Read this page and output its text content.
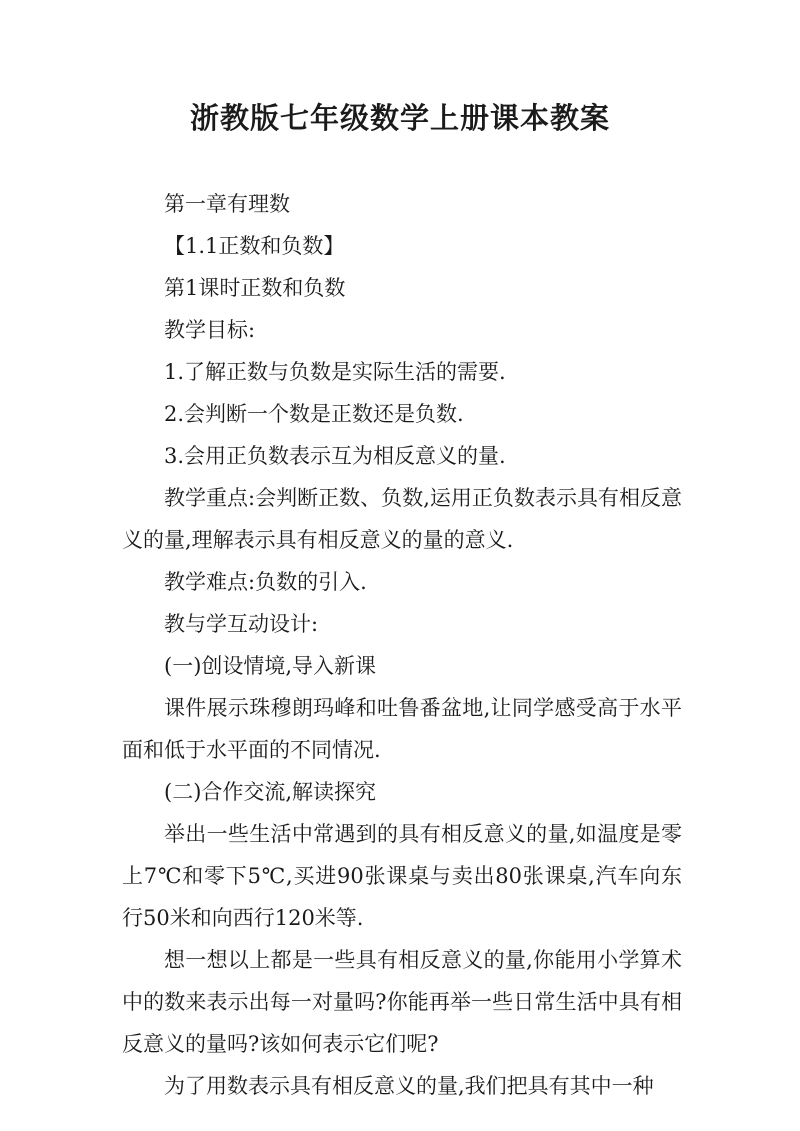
浙教版七年级数学上册课本教案

第一章有理数

【1.1正数和负数】

第1课时正数和负数

教学目标:

1.了解正数与负数是实际生活的需要.

2.会判断一个数是正数还是负数.

3.会用正负数表示互为相反意义的量.

教学重点:会判断正数、负数,运用正负数表示具有相反意义的量,理解表示具有相反意义的量的意义.

教学难点:负数的引入.

教与学互动设计:

(一)创设情境,导入新课

课件展示珠穆朗玛峰和吐鲁番盆地,让同学感受高于水平面和低于水平面的不同情况.

(二)合作交流,解读探究

举出一些生活中常遇到的具有相反意义的量,如温度是零上7℃和零下5℃,买进90张课桌与卖出80张课桌,汽车向东行50米和向西行120米等.

想一想以上都是一些具有相反意义的量,你能用小学算术中的数来表示出每一对量吗?你能再举一些日常生活中具有相反意义的量吗?该如何表示它们呢?

为了用数表示具有相反意义的量,我们把具有其中一种
